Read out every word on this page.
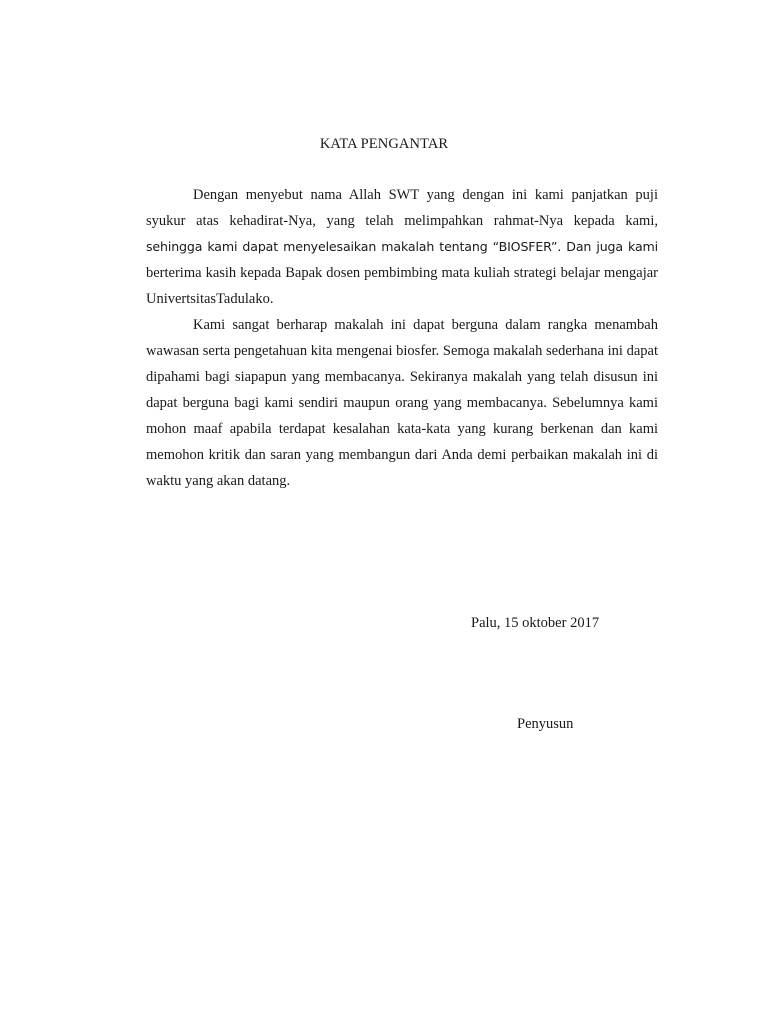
KATA PENGANTAR

Dengan menyebut nama Allah SWT yang dengan ini kami panjatkan puji syukur atas kehadirat-Nya, yang telah melimpahkan rahmat-Nya kepada kami, sehingga kami dapat menyelesaikan makalah tentang “BIOSFER”. Dan juga kami berterima kasih kepada Bapak dosen pembimbing mata kuliah strategi belajar mengajar UnivertsitasTadulako.

Kami sangat berharap makalah ini dapat berguna dalam rangka menambah wawasan serta pengetahuan kita mengenai biosfer. Semoga makalah sederhana ini dapat dipahami bagi siapapun yang membacanya. Sekiranya makalah yang telah disusun ini dapat berguna bagi kami sendiri maupun orang yang membacanya. Sebelumnya kami mohon maaf apabila terdapat kesalahan kata-kata yang kurang berkenan dan kami memohon kritik dan saran yang membangun dari Anda demi perbaikan makalah ini di waktu yang akan datang.

Palu, 15 oktober 2017
Penyusun
